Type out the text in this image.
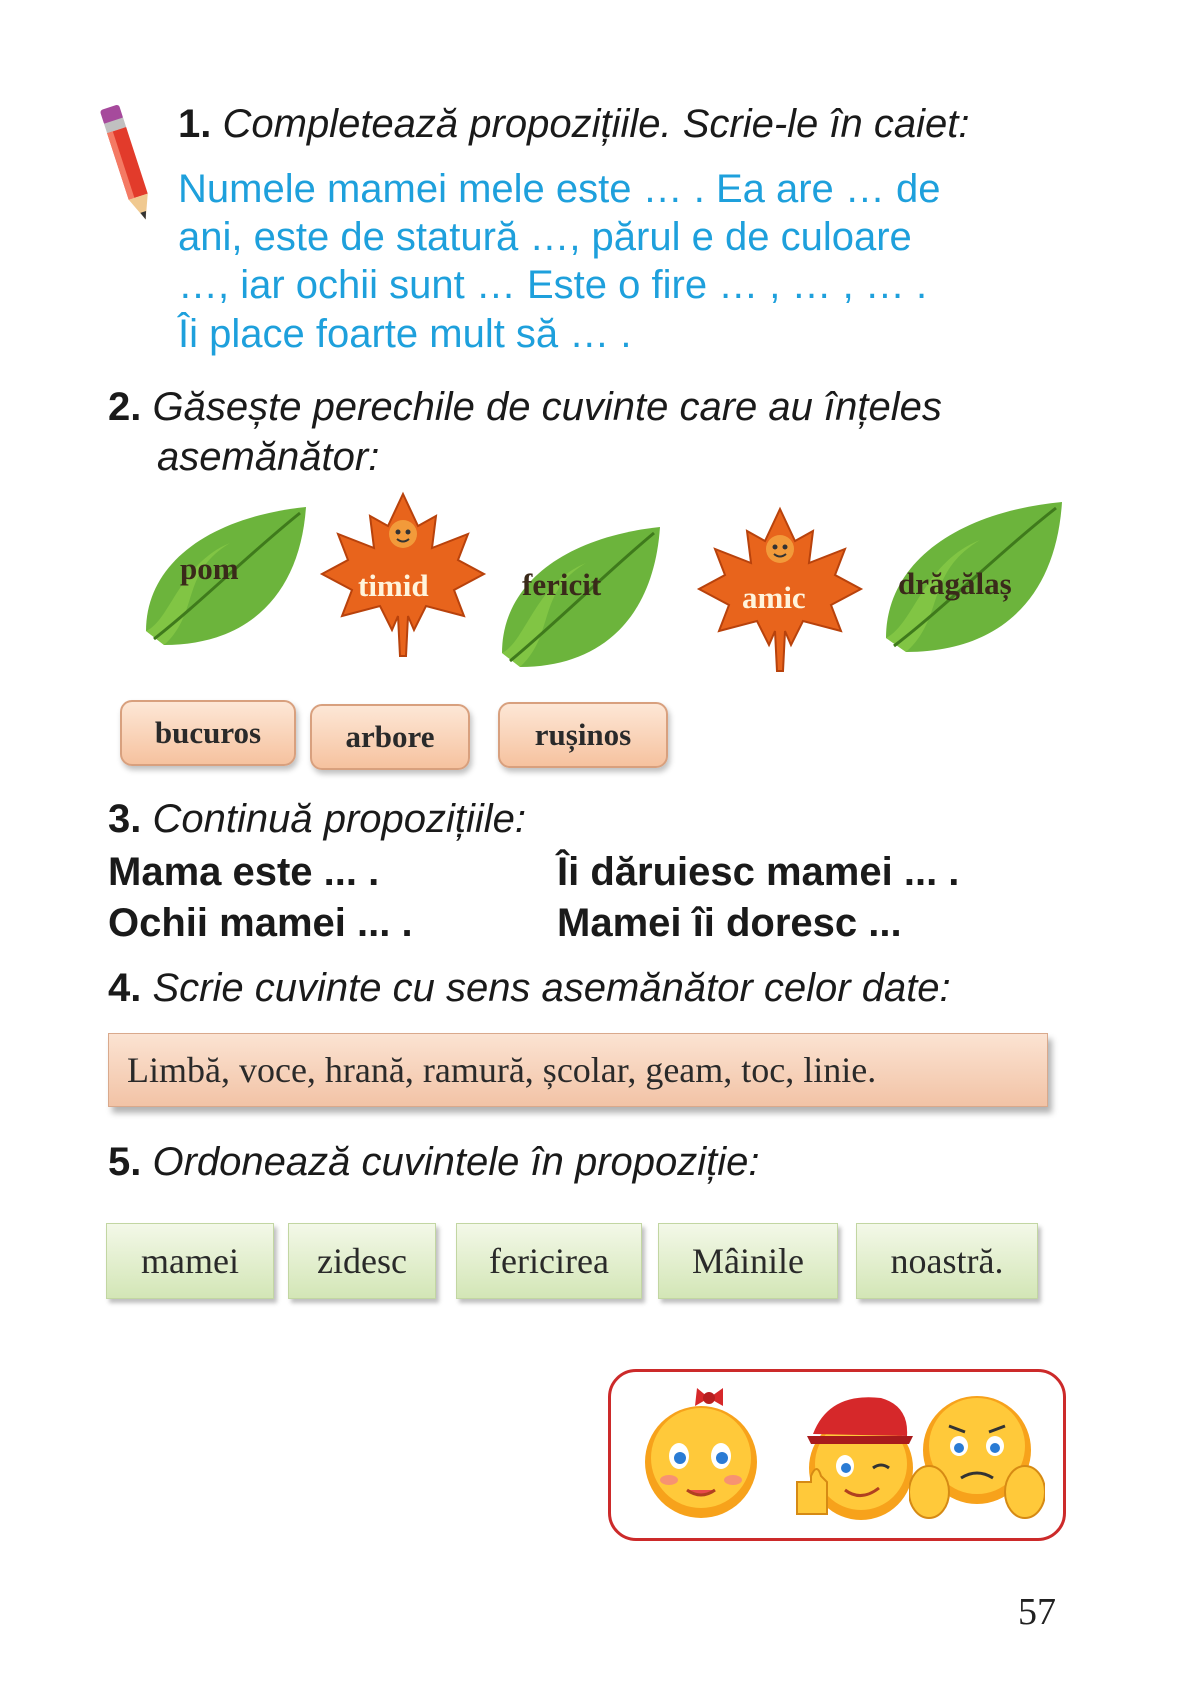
1. Completează propozițiile. Scrie-le în caiet:
Numele mamei mele este … . Ea are … de
ani, este de statură …, părul e de culoare
…, iar ochii sunt … Este o fire … , … , … .
Îi place foarte mult să … .
2. Găsește perechile de cuvinte care au înțeles
asemănător:
pom	timid	fericit	amic	drăgălaș
bucuros	arbore	rușinos
3. Continuă propozițiile:
Mama este ... .
Ochii mamei ... .
Îi dăruiesc mamei ... .
Mamei îi doresc ...
4. Scrie cuvinte cu sens asemănător celor date:
Limbă, voce, hrană, ramură, școlar, geam, toc, linie.
5. Ordonează cuvintele în propoziție:
mamei	zidesc	fericirea	Mâinile	noastră.
57
